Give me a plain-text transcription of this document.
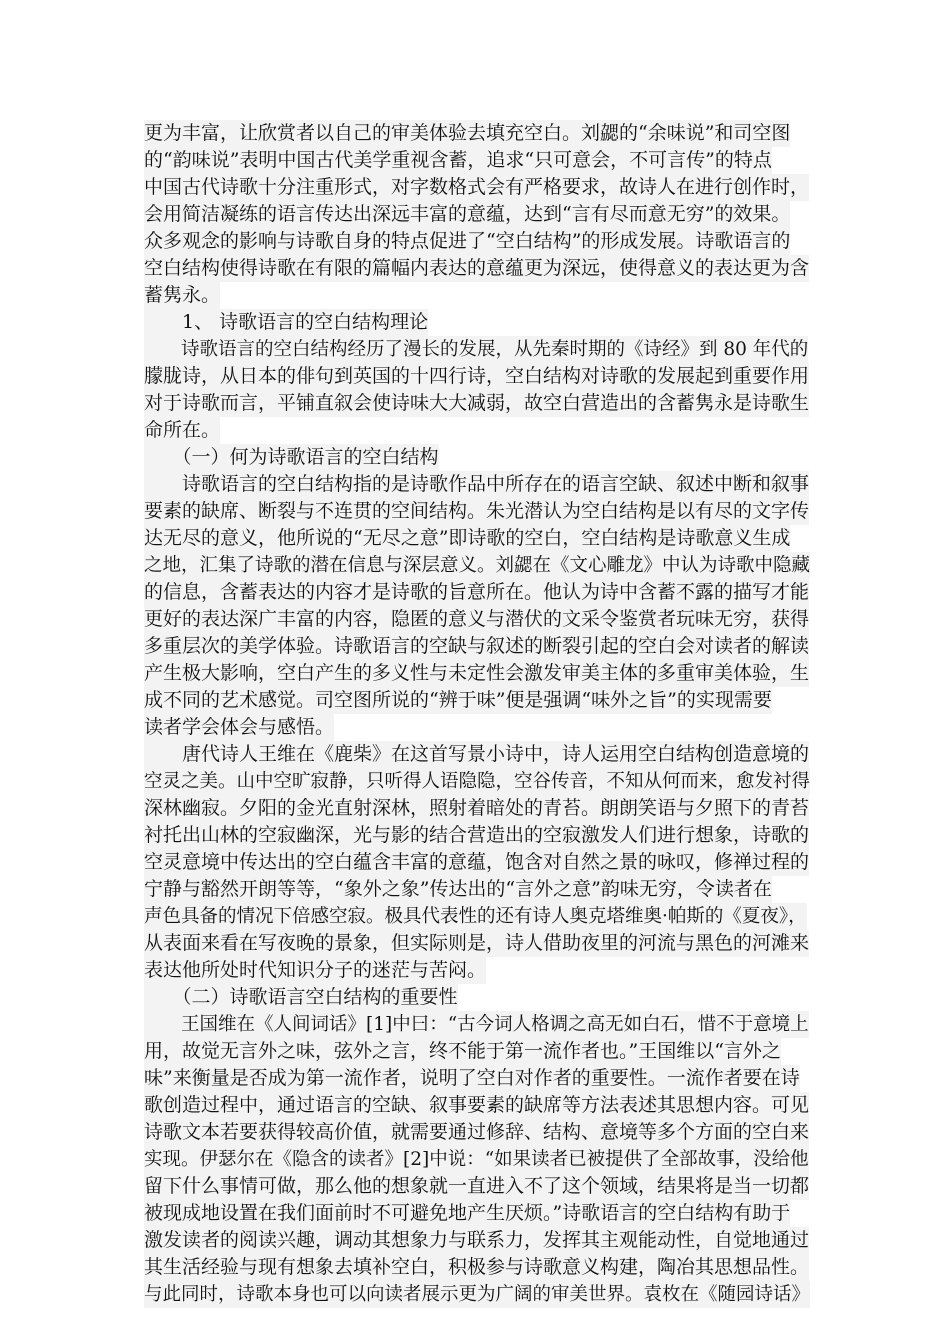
更为丰富，让欣赏者以自己的审美体验去填充空白。刘勰的“余味说”和司空图
的“韵味说”表明中国古代美学重视含蓄，追求“只可意会，不可言传”的特点
中国古代诗歌十分注重形式，对字数格式会有严格要求，故诗人在进行创作时，
会用简洁凝练的语言传达出深远丰富的意蕴，达到“言有尽而意无穷”的效果。
众多观念的影响与诗歌自身的特点促进了“空白结构”的形成发展。诗歌语言的
空白结构使得诗歌在有限的篇幅内表达的意蕴更为深远，使得意义的表达更为含
蓄隽永。
　　1、 诗歌语言的空白结构理论
　　诗歌语言的空白结构经历了漫长的发展，从先秦时期的《诗经》到 80 年代的
朦胧诗，从日本的俳句到英国的十四行诗，空白结构对诗歌的发展起到重要作用
对于诗歌而言，平铺直叙会使诗味大大减弱，故空白营造出的含蓄隽永是诗歌生
命所在。
　　（一）何为诗歌语言的空白结构
　　诗歌语言的空白结构指的是诗歌作品中所存在的语言空缺、叙述中断和叙事
要素的缺席、断裂与不连贯的空间结构。朱光潜认为空白结构是以有尽的文字传
达无尽的意义，他所说的“无尽之意”即诗歌的空白，空白结构是诗歌意义生成
之地，汇集了诗歌的潜在信息与深层意义。刘勰在《文心雕龙》中认为诗歌中隐藏
的信息，含蓄表达的内容才是诗歌的旨意所在。他认为诗中含蓄不露的描写才能
更好的表达深广丰富的内容，隐匿的意义与潜伏的文采令鉴赏者玩味无穷，获得
多重层次的美学体验。诗歌语言的空缺与叙述的断裂引起的空白会对读者的解读
产生极大影响，空白产生的多义性与未定性会激发审美主体的多重审美体验，生
成不同的艺术感觉。司空图所说的“辨于味”便是强调“味外之旨”的实现需要
读者学会体会与感悟。
　　唐代诗人王维在《鹿柴》在这首写景小诗中，诗人运用空白结构创造意境的
空灵之美。山中空旷寂静，只听得人语隐隐，空谷传音，不知从何而来，愈发衬得
深林幽寂。夕阳的金光直射深林，照射着暗处的青苔。朗朗笑语与夕照下的青苔
衬托出山林的空寂幽深，光与影的结合营造出的空寂激发人们进行想象，诗歌的
空灵意境中传达出的空白蕴含丰富的意蕴，饱含对自然之景的咏叹，修禅过程的
宁静与豁然开朗等等，“象外之象”传达出的“言外之意”韵味无穷，令读者在
声色具备的情况下倍感空寂。极具代表性的还有诗人奥克塔维奥·帕斯的《夏夜》，
从表面来看在写夜晚的景象，但实际则是，诗人借助夜里的河流与黑色的河滩来
表达他所处时代知识分子的迷茫与苦闷。
　　（二）诗歌语言空白结构的重要性
　　王国维在《人间词话》[1]中曰：“古今词人格调之高无如白石，惜不于意境上
用，故觉无言外之味，弦外之言，终不能于第一流作者也。”王国维以“言外之
味”来衡量是否成为第一流作者，说明了空白对作者的重要性。一流作者要在诗
歌创造过程中，通过语言的空缺、叙事要素的缺席等方法表述其思想内容。可见
诗歌文本若要获得较高价值，就需要通过修辞、结构、意境等多个方面的空白来
实现。伊瑟尔在《隐含的读者》[2]中说：“如果读者已被提供了全部故事，没给他
留下什么事情可做，那么他的想象就一直进入不了这个领域，结果将是当一切都
被现成地设置在我们面前时不可避免地产生厌烦。”诗歌语言的空白结构有助于
激发读者的阅读兴趣，调动其想象力与联系力，发挥其主观能动性，自觉地通过
其生活经验与现有想象去填补空白，积极参与诗歌意义构建，陶冶其思想品性。
与此同时，诗歌本身也可以向读者展示更为广阔的审美世界。袁枚在《随园诗话》
